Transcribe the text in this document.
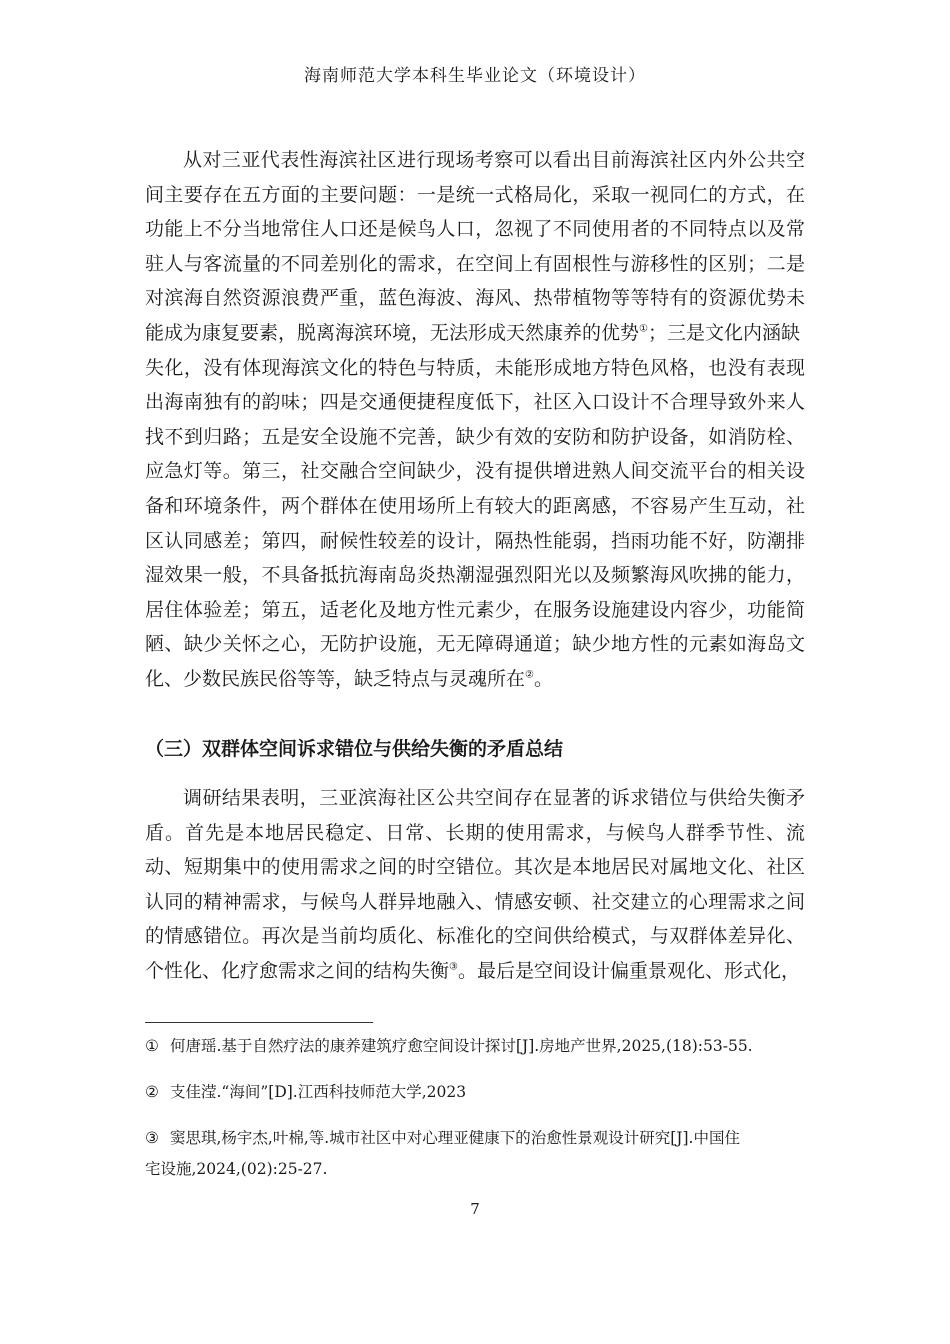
海南师范大学本科生毕业论文（环境设计）
从对三亚代表性海滨社区进行现场考察可以看出目前海滨社区内外公共空
间主要存在五方面的主要问题：一是统一式格局化，采取一视同仁的方式，在
功能上不分当地常住人口还是候鸟人口，忽视了不同使用者的不同特点以及常
驻人与客流量的不同差别化的需求，在空间上有固根性与游移性的区别；二是
对滨海自然资源浪费严重，蓝色海波、海风、热带植物等等特有的资源优势未
能成为康复要素，脱离海滨环境，无法形成天然康养的优势①；三是文化内涵缺
失化，没有体现海滨文化的特色与特质，未能形成地方特色风格，也没有表现
出海南独有的韵味；四是交通便捷程度低下，社区入口设计不合理导致外来人
找不到归路；五是安全设施不完善，缺少有效的安防和防护设备，如消防栓、
应急灯等。第三，社交融合空间缺少，没有提供增进熟人间交流平台的相关设
备和环境条件，两个群体在使用场所上有较大的距离感，不容易产生互动，社
区认同感差；第四，耐候性较差的设计，隔热性能弱，挡雨功能不好，防潮排
湿效果一般，不具备抵抗海南岛炎热潮湿强烈阳光以及频繁海风吹拂的能力，
居住体验差；第五，适老化及地方性元素少，在服务设施建设内容少，功能简
陋、缺少关怀之心，无防护设施，无无障碍通道；缺少地方性的元素如海岛文
化、少数民族民俗等等，缺乏特点与灵魂所在②。
（三）双群体空间诉求错位与供给失衡的矛盾总结
调研结果表明，三亚滨海社区公共空间存在显著的诉求错位与供给失衡矛
盾。首先是本地居民稳定、日常、长期的使用需求，与候鸟人群季节性、流
动、短期集中的使用需求之间的时空错位。其次是本地居民对属地文化、社区
认同的精神需求，与候鸟人群异地融入、情感安顿、社交建立的心理需求之间
的情感错位。再次是当前均质化、标准化的空间供给模式，与双群体差异化、
个性化、化疗愈需求之间的结构失衡③。最后是空间设计偏重景观化、形式化，
① 何唐瑶.基于自然疗法的康养建筑疗愈空间设计探讨[J].房地产世界,2025,(18):53-55.
② 支佳滢.“海间”[D].江西科技师范大学,2023
③ 窦思琪,杨宇杰,叶棉,等.城市社区中对心理亚健康下的治愈性景观设计研究[J].中国住
宅设施,2024,(02):25-27.
7
